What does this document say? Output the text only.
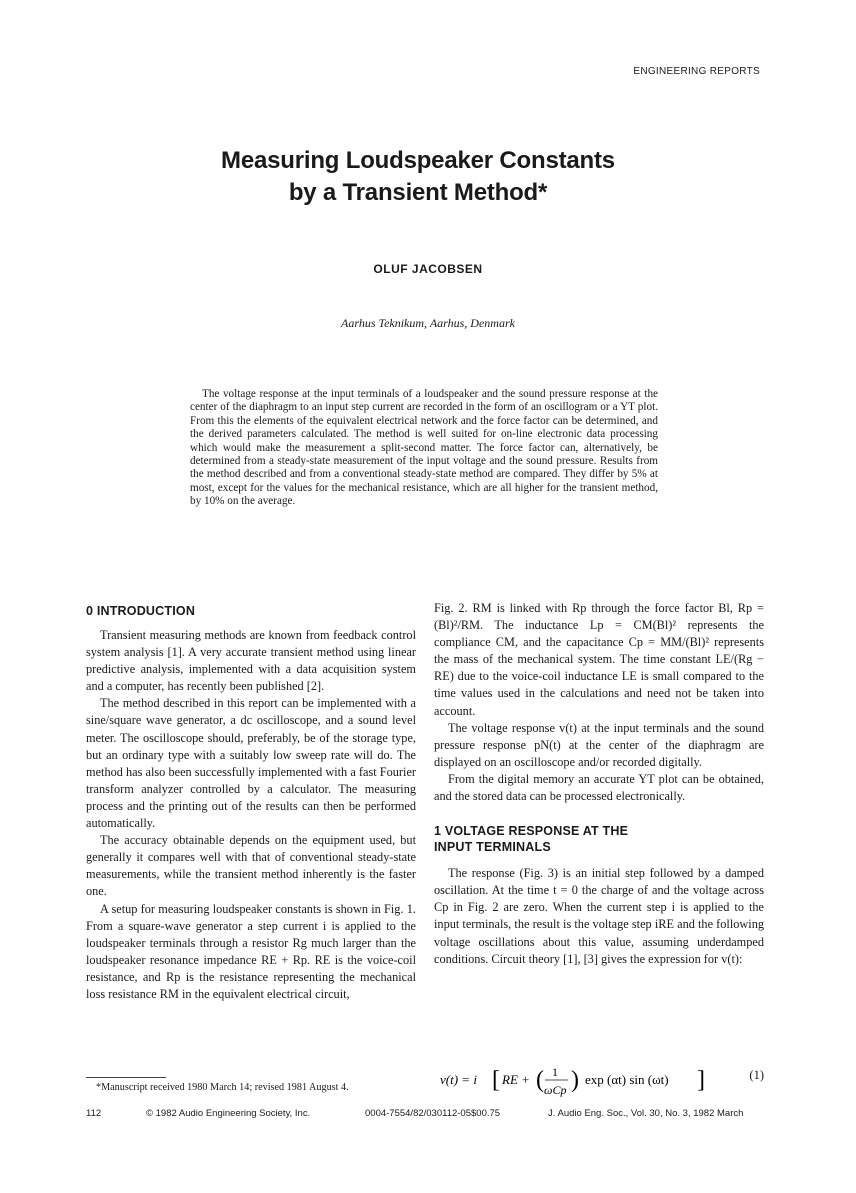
ENGINEERING REPORTS
Measuring Loudspeaker Constants
by a Transient Method*
OLUF JACOBSEN
Aarhus Teknikum, Aarhus, Denmark

The voltage response at the input terminals of a loudspeaker and the sound pressure response at the center of the diaphragm to an input step current are recorded in the form of an oscillogram or a YT plot. From this the elements of the equivalent electrical network and the force factor can be determined, and the derived parameters calculated. The method is well suited for on-line electronic data processing which would make the measurement a split-second matter. The force factor can, alternatively, be determined from a steady-state measurement of the input voltage and the sound pressure. Results from the method described and from a conventional steady-state method are compared. They differ by 5% at most, except for the values for the mechanical resistance, which are all higher for the transient method, by 10% on the average.

0 INTRODUCTION

Transient measuring methods are known from feedback control system analysis [1]. A very accurate transient method using linear predictive analysis, implemented with a data acquisition system and a computer, has recently been published [2].

The method described in this report can be implemented with a sine/square wave generator, a dc oscilloscope, and a sound level meter. The oscilloscope should, preferably, be of the storage type, but an ordinary type with a suitably low sweep rate will do. The method has also been successfully implemented with a fast Fourier transform analyzer controlled by a calculator. The measuring process and the printing out of the results can then be performed automatically.

The accuracy obtainable depends on the equipment used, but generally it compares well with that of conventional steady-state measurements, while the transient method inherently is the faster one.

A setup for measuring loudspeaker constants is shown in Fig. 1. From a square-wave generator a step current i is applied to the loudspeaker terminals through a resistor Rg much larger than the loudspeaker resonance impedance RE + Rp. RE is the voice-coil resistance, and Rp is the resistance representing the mechanical loss resistance RM in the equivalent electrical circuit,

Fig. 2. RM is linked with Rp through the force factor Bl, Rp = (Bl)²/RM. The inductance Lp = CM(Bl)² represents the compliance CM, and the capacitance Cp = MM/(Bl)² represents the mass of the mechanical system. The time constant LE/(Rg − RE) due to the voice-coil inductance LE is small compared to the time values used in the calculations and need not be taken into account.

The voltage response v(t) at the input terminals and the sound pressure response pN(t) at the center of the diaphragm are displayed on an oscilloscope and/or recorded digitally.

From the digital memory an accurate YT plot can be obtained, and the stored data can be processed electronically.

1 VOLTAGE RESPONSE AT THE
INPUT TERMINALS

The response (Fig. 3) is an initial step followed by a damped oscillation. At the time t = 0 the charge of and the voltage across Cp in Fig. 2 are zero. When the current step i is applied to the input terminals, the result is the voltage step iRE and the following voltage oscillations about this value, assuming underdamped conditions. Circuit theory [1], [3] gives the expression for v(t):

v(t) = i [ RE + ( 1
ωCp ) exp (αt) sin (ωt) ]	(1)
*Manuscript received 1980 March 14; revised 1981 August 4.
112	© 1982 Audio Engineering Society, Inc.	0004-7554/82/030112-05$00.75	J. Audio Eng. Soc., Vol. 30, No. 3, 1982 March
